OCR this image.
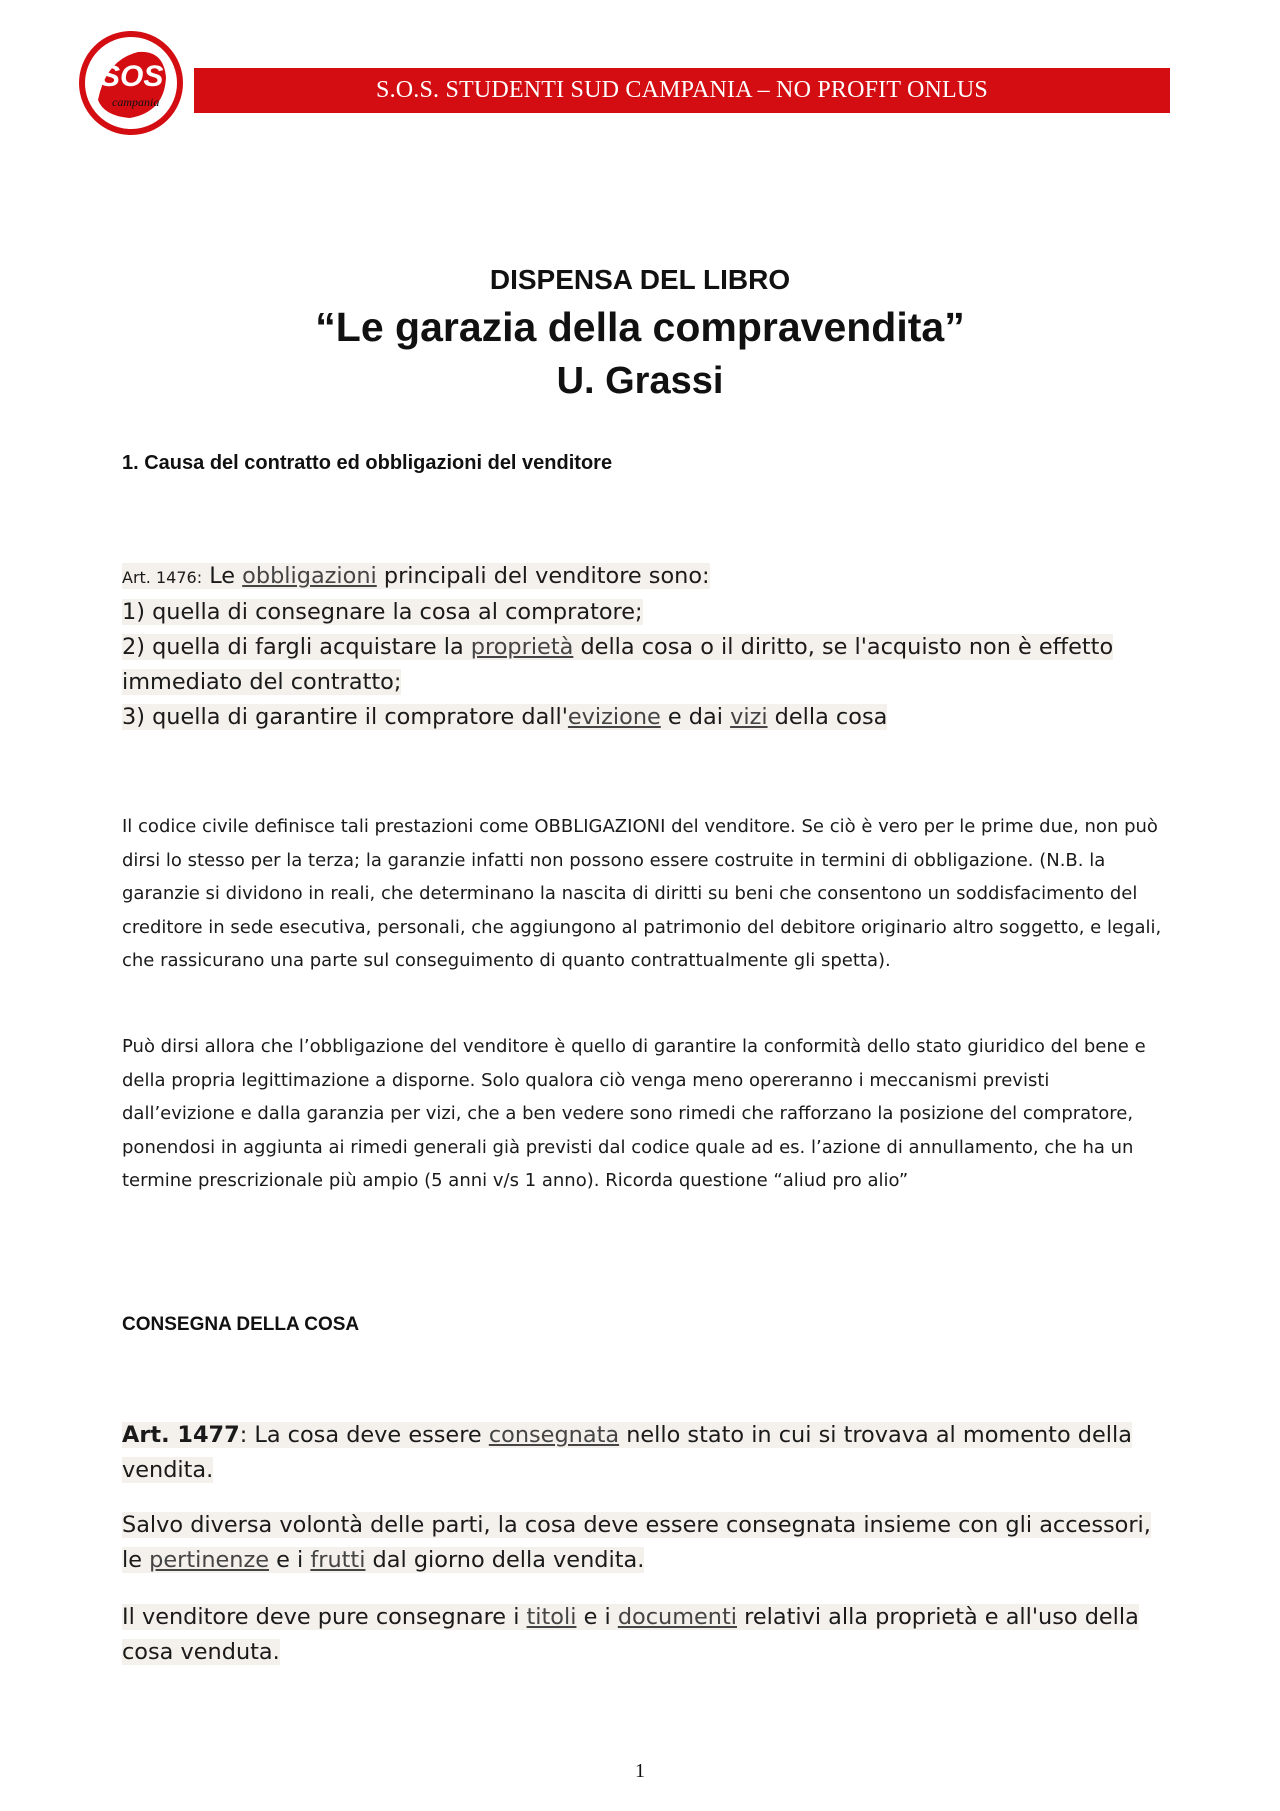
SOS
campania	S.O.S. STUDENTI SUD CAMPANIA – NO PROFIT ONLUS
DISPENSA DEL LIBRO
“Le garazia della compravendita”
U. Grassi
1. Causa del contratto ed obbligazioni del venditore
Art. 1476: Le obbligazioni principali del venditore sono:
1) quella di consegnare la cosa al compratore;
2) quella di fargli acquistare la proprietà della cosa o il diritto, se l'acquisto non è effetto
immediato del contratto;
3) quella di garantire il compratore dall'evizione e dai vizi della cosa
Il codice civile definisce tali prestazioni come OBBLIGAZIONI del venditore. Se ciò è vero per le prime due, non può dirsi lo stesso per la terza; la garanzie infatti non possono essere costruite in termini di obbligazione. (N.B. la garanzie si dividono in reali, che determinano la nascita di diritti su beni che consentono un soddisfacimento del creditore in sede esecutiva, personali, che aggiungono al patrimonio del debitore originario altro soggetto, e legali, che rassicurano una parte sul conseguimento di quanto contrattualmente gli spetta).
Può dirsi allora che l’obbligazione del venditore è quello di garantire la conformità dello stato giuridico del bene e della propria legittimazione a disporne. Solo qualora ciò venga meno opereranno i meccanismi previsti dall’evizione e dalla garanzia per vizi, che a ben vedere sono rimedi che rafforzano la posizione del compratore, ponendosi in aggiunta ai rimedi generali già previsti dal codice quale ad es. l’azione di annullamento, che ha un termine prescrizionale più ampio (5 anni v/s 1 anno). Ricorda questione “aliud pro alio”
CONSEGNA DELLA COSA
Art. 1477: La cosa deve essere consegnata nello stato in cui si trovava al momento della
vendita.
Salvo diversa volontà delle parti, la cosa deve essere consegnata insieme con gli accessori,
le pertinenze e i frutti dal giorno della vendita.
Il venditore deve pure consegnare i titoli e i documenti relativi alla proprietà e all'uso della
cosa venduta.
1
